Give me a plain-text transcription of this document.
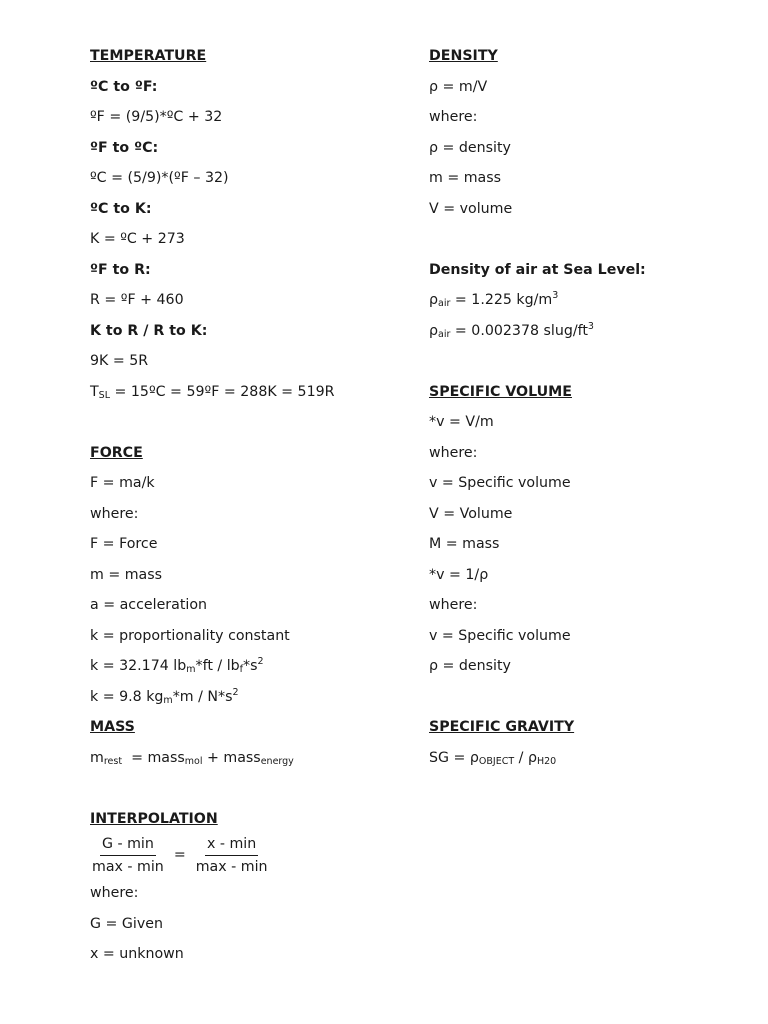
TEMPERATURE
ºC to ºF:
ºF = (9/5)*ºC + 32
ºF to ºC:
ºC = (5/9)*(ºF – 32)
ºC to K:
K = ºC + 273
ºF to R:
R = ºF + 460
K to R / R to K:
9K = 5R
$T_{SL}$ = 15ºC = 59ºF = 288K = 519R
FORCE
F = ma/k
where:
F = Force
m = mass
a = acceleration
k = proportionality constant
k = 32.174 $lb_m*ft / lb_f*s^2$
k = 9.8 $kg_m*m / N*s^2$
MASS
$m_{rest}$  = mass$_{mol}$ + mass$_{energy}$
INTERPOLATION
$\frac{G - \min}{\max - \min} = \frac{x - \min}{\max - \min}$
where:
G = Given
x = unknown
DENSITY
ρ = m/V
where:
ρ = density
m = mass
V = volume
Density of air at Sea Level:
$\rho_{air} = 1.225$ $kg/m^3$
$\rho_{air} = 0.002378$ slug/$ft^3$
SPECIFIC VOLUME
*v = V/m
where:
v = Specific volume
V = Volume
M = mass
*v = 1/ρ
where:
v = Specific volume
ρ = density
SPECIFIC GRAVITY
SG = $\rho_{OBJECT} / \rho_{H20}$
